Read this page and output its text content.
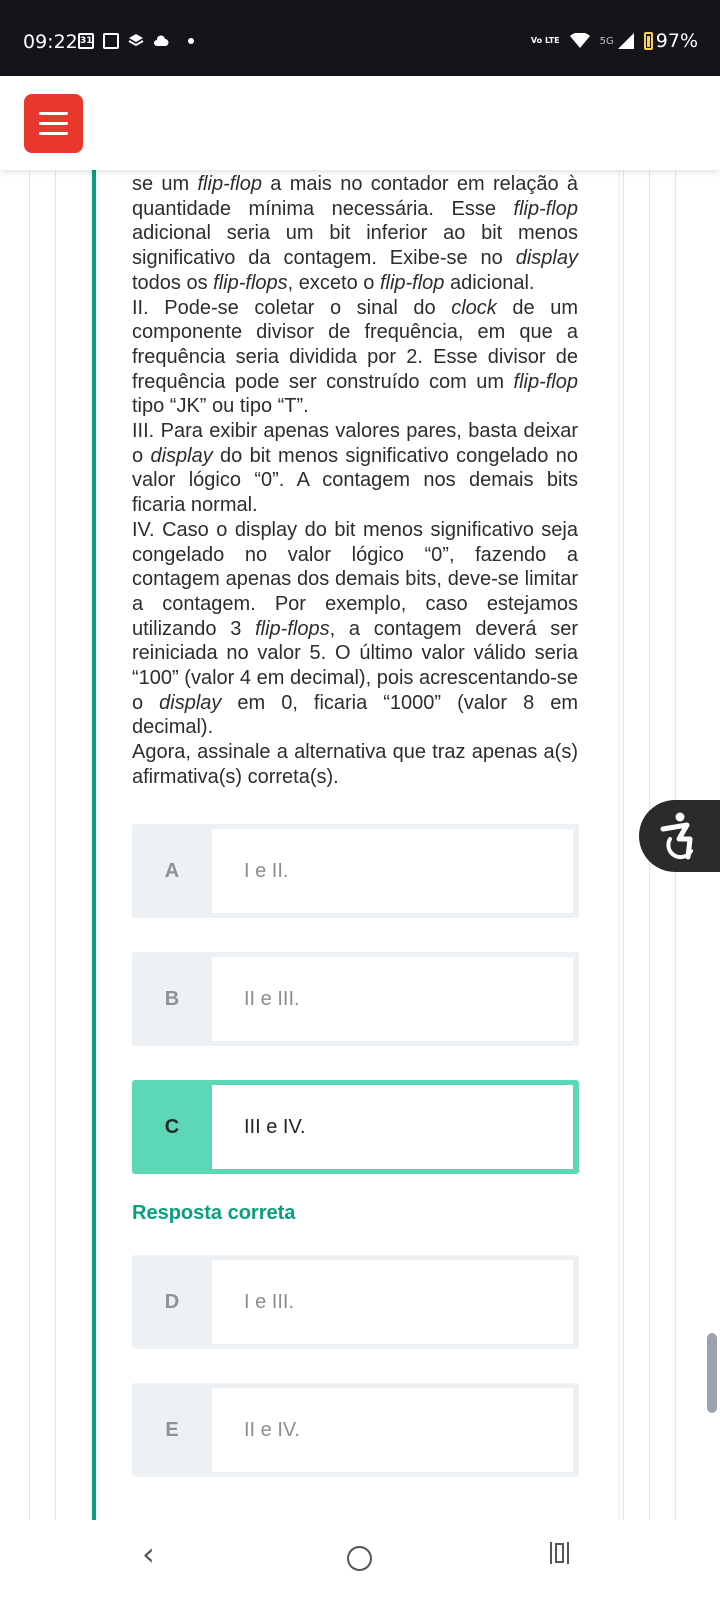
09:22 31	Vo LTE	5G 97%

se um flip-flop a mais no contador em relação à quantidade mínima necessária. Esse flip-flop adicional seria um bit inferior ao bit menos significativo da contagem. Exibe-se no display todos os flip-flops, exceto o flip-flop adicional.

II. Pode-se coletar o sinal do clock de um componente divisor de frequência, em que a frequência seria dividida por 2. Esse divisor de frequência pode ser construído com um flip-flop tipo “JK” ou tipo “T”.

III. Para exibir apenas valores pares, basta deixar o display do bit menos significativo congelado no valor lógico “0”. A contagem nos demais bits ficaria normal.

IV. Caso o display do bit menos significativo seja congelado no valor lógico “0”, fazendo a contagem apenas dos demais bits, deve-se limitar a contagem. Por exemplo, caso estejamos utilizando 3 flip-flops, a contagem deverá ser reiniciada no valor 5. O último valor válido seria “100” (valor 4 em decimal), pois acrescentando-se o display em 0, ficaria “1000” (valor 8 em decimal).

Agora, assinale a alternativa que traz apenas a(s) afirmativa(s) correta(s).

A	I e II.
B	II e III.
C	III e IV.
D	I e III.
E	II e IV.
Resposta correta
‹
